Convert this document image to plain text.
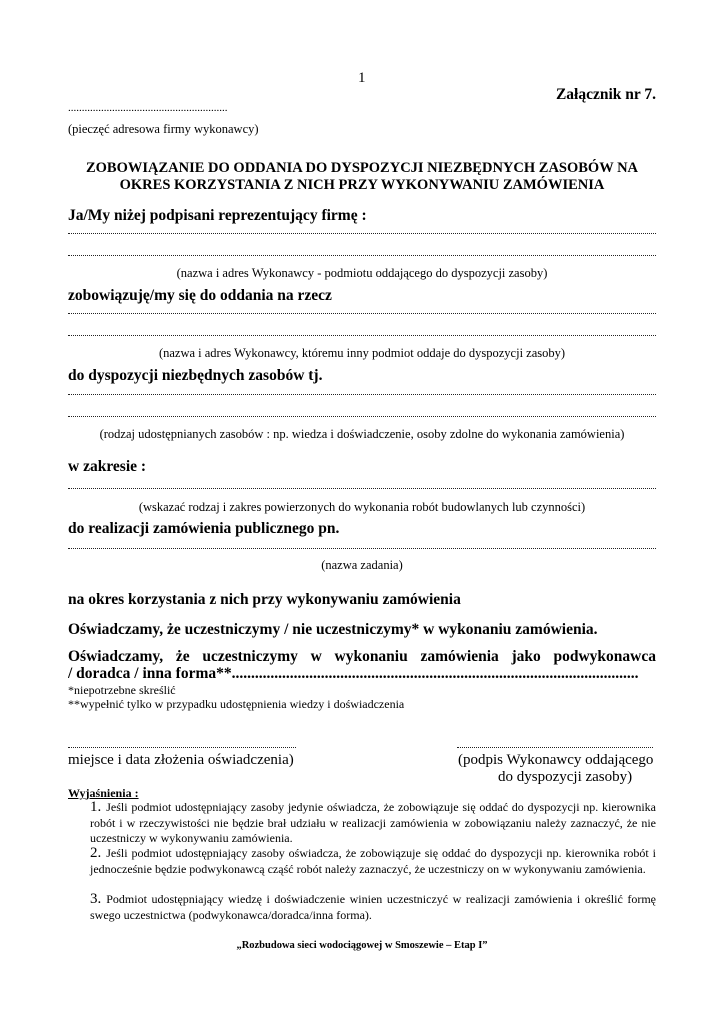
1
Załącznik nr 7.
..........................................................
(pieczęć adresowa firmy wykonawcy)
ZOBOWIĄZANIE DO ODDANIA DO DYSPOZYCJI NIEZBĘDNYCH ZASOBÓW NA
OKRES KORZYSTANIA Z NICH PRZY WYKONYWANIU ZAMÓWIENIA
Ja/My niżej podpisani reprezentujący firmę :
(nazwa i adres Wykonawcy - podmiotu oddającego do dyspozycji zasoby)
zobowiązuję/my się do oddania na rzecz
(nazwa i adres Wykonawcy, któremu inny podmiot oddaje do dyspozycji zasoby)
do dyspozycji niezbędnych zasobów tj.
(rodzaj udostępnianych zasobów : np. wiedza i doświadczenie, osoby zdolne do wykonania zamówienia)
w zakresie :
(wskazać rodzaj i zakres powierzonych do wykonania robót budowlanych lub czynności)
do realizacji zamówienia publicznego pn.
(nazwa zadania)
na okres korzystania z nich przy wykonywaniu zamówienia
Oświadczamy, że uczestniczymy / nie uczestniczymy* w wykonaniu zamówienia.
Oświadczamy, że uczestniczymy w wykonaniu zamówienia jako podwykonawca
/ doradca / inna forma**.........................................................................................................
*niepotrzebne skreślić
**wypełnić tylko w przypadku udostępnienia wiedzy i doświadczenia
miejsce i data złożenia oświadczenia)	(podpis Wykonawcy oddającego
do dyspozycji zasoby)
Wyjaśnienia :
1. Jeśli podmiot udostępniający zasoby jedynie oświadcza, że zobowiązuje się oddać do dyspozycji np. kierownika robót i w rzeczywistości nie będzie brał udziału w realizacji zamówienia w zobowiązaniu należy zaznaczyć, że nie uczestniczy w wykonywaniu zamówienia.
2. Jeśli podmiot udostępniający zasoby oświadcza, że zobowiązuje się oddać do dyspozycji np. kierownika robót i jednocześnie będzie podwykonawcą cząść robót należy zaznaczyć, że uczestniczy on w wykonywaniu zamówienia.
3. Podmiot udostępniający wiedzę i doświadczenie winien uczestniczyć w realizacji zamówienia i określić formę swego uczestnictwa (podwykonawca/doradca/inna forma).
„Rozbudowa sieci wodociągowej w Smoszewie – Etap I”
